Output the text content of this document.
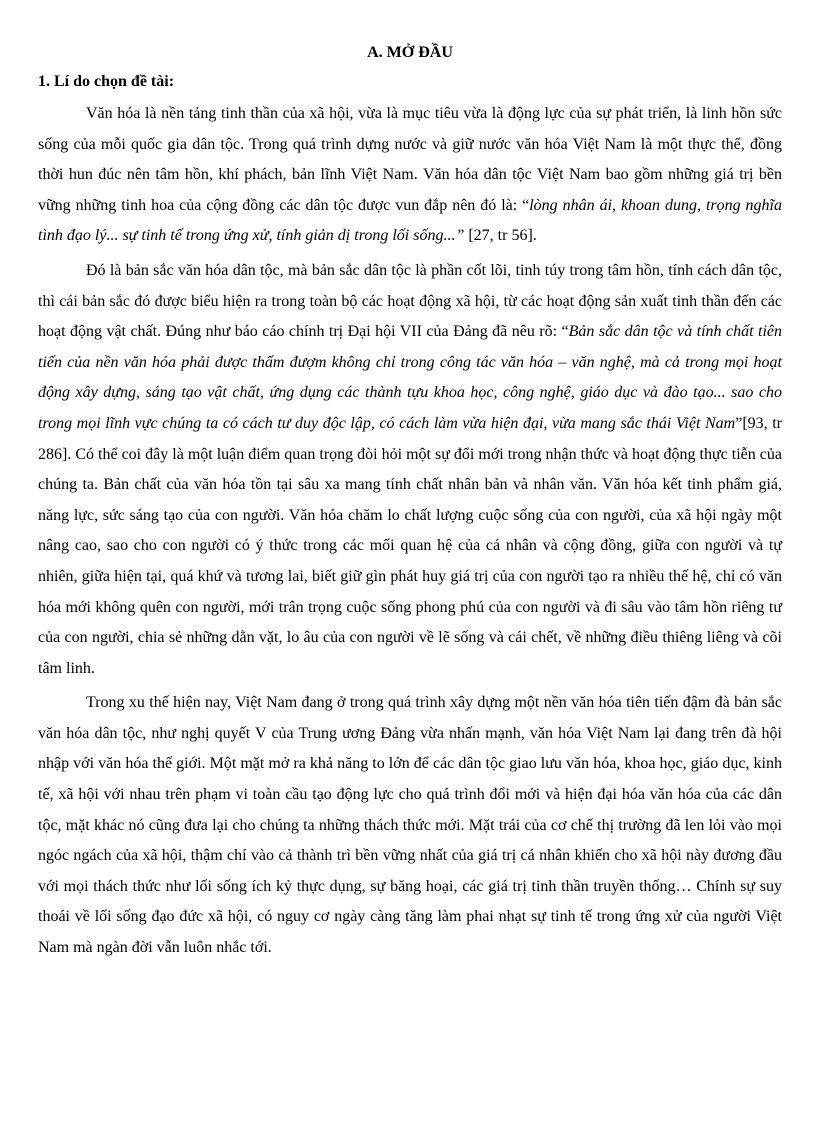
A. MỞ ĐẦU

1. Lí do chọn đề tài:

Văn hóa là nền tảng tinh thần của xã hội, vừa là mục tiêu vừa là động lực của sự phát triển, là linh hồn sức sống của mỗi quốc gia dân tộc. Trong quá trình dựng nước và giữ nước văn hóa Việt Nam là một thực thể, đồng thời hun đúc nên tâm hồn, khí phách, bản lĩnh Việt Nam. Văn hóa dân tộc Việt Nam bao gồm những giá trị bền vững những tinh hoa của cộng đồng các dân tộc được vun đắp nên đó là: “lòng nhân ái, khoan dung, trọng nghĩa tình đạo lý... sự tinh tế trong ứng xử, tính giản dị trong lối sống...” [27, tr 56].

Đó là bản sắc văn hóa dân tộc, mà bản sắc dân tộc là phần cốt lõi, tinh túy trong tâm hồn, tính cách dân tộc, thì cái bản sắc đó được biểu hiện ra trong toàn bộ các hoạt động xã hội, từ các hoạt động sản xuất tinh thần đến các hoạt động vật chất. Đúng như báo cáo chính trị Đại hội VII của Đảng đã nêu rõ: “Bản sắc dân tộc và tính chất tiên tiến của nền văn hóa phải được thấm đượm không chỉ trong công tác văn hóa – văn nghệ, mà cả trong mọi hoạt động xây dựng, sáng tạo vật chất, ứng dụng các thành tựu khoa học, công nghệ, giáo dục và đào tạo... sao cho trong mọi lĩnh vực chúng ta có cách tư duy độc lập, có cách làm vừa hiện đại, vừa mang sắc thái Việt Nam”[93, tr 286]. Có thể coi đây là một luận điểm quan trọng đòi hỏi một sự đổi mới trong nhận thức và hoạt động thực tiễn của chúng ta. Bản chất của văn hóa tồn tại sâu xa mang tính chất nhân bản và nhân văn. Văn hóa kết tinh phẩm giá, năng lực, sức sáng tạo của con người. Văn hóa chăm lo chất lượng cuộc sống của con người, của xã hội ngày một nâng cao, sao cho con người có ý thức trong các mối quan hệ của cá nhân và cộng đồng, giữa con người và tự nhiên, giữa hiện tại, quá khứ và tương lai, biết giữ gìn phát huy giá trị của con người tạo ra nhiều thế hệ, chỉ có văn hóa mới không quên con người, mới trân trọng cuộc sống phong phú của con người và đi sâu vào tâm hồn riêng tư của con người, chia sẻ những dằn vặt, lo âu của con người về lẽ sống và cái chết, về những điều thiêng liêng và cõi tâm linh.

Trong xu thế hiện nay, Việt Nam đang ở trong quá trình xây dựng một nền văn hóa tiên tiến đậm đà bản sắc văn hóa dân tộc, như nghị quyết V của Trung ương Đảng vừa nhấn mạnh, văn hóa Việt Nam lại đang trên đà hội nhập với văn hóa thế giới. Một mặt mở ra khả năng to lớn để các dân tộc giao lưu văn hóa, khoa học, giáo dục, kinh tế, xã hội với nhau trên phạm vi toàn cầu tạo động lực cho quá trình đổi mới và hiện đại hóa văn hóa của các dân tộc, mặt khác nó cũng đưa lại cho chúng ta những thách thức mới. Mặt trái của cơ chế thị trường đã len lỏi vào mọi ngóc ngách của xã hội, thậm chí vào cả thành trì bền vững nhất của giá trị cá nhân khiến cho xã hội này đương đầu với mọi thách thức như lối sống ích kỷ thực dụng, sự băng hoại, các giá trị tinh thần truyền thống… Chính sự suy thoái về lối sống đạo đức xã hội, có nguy cơ ngày càng tăng làm phai nhạt sự tinh tế trong ứng xử của người Việt Nam mà ngàn đời vẫn luôn nhắc tới.
